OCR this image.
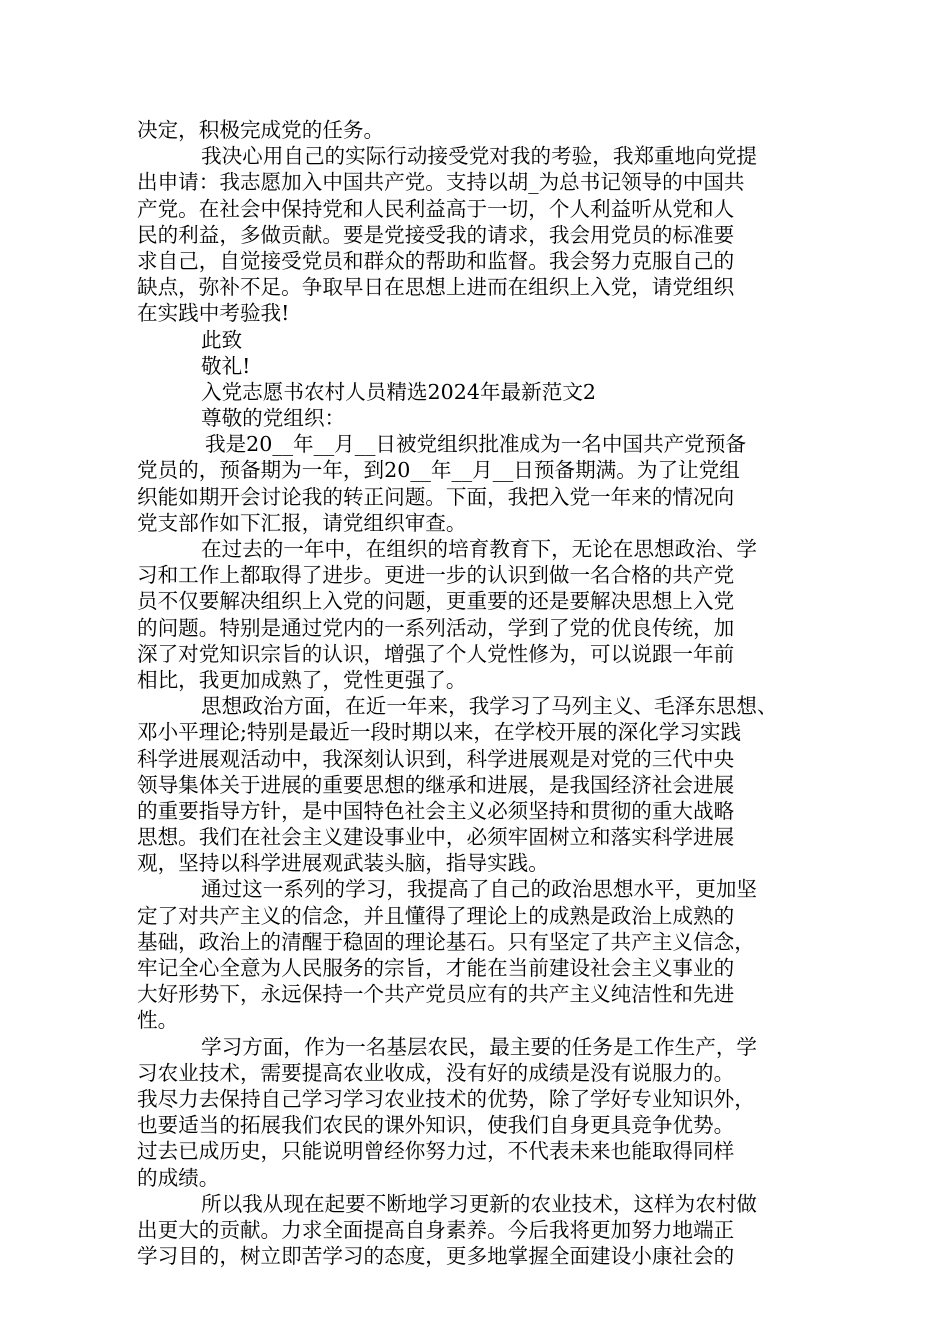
决定，积极完成党的任务。
我决心用自己的实际行动接受党对我的考验，我郑重地向党提
出申请：我志愿加入中国共产党。支持以胡_为总书记领导的中国共
产党。在社会中保持党和人民利益高于一切，个人利益听从党和人
民的利益，多做贡献。要是党接受我的请求，我会用党员的标准要
求自己，自觉接受党员和群众的帮助和监督。我会努力克服自己的
缺点，弥补不足。争取早日在思想上进而在组织上入党，请党组织
在实践中考验我!
此致
敬礼!
入党志愿书农村人员精选2024年最新范文2
尊敬的党组织：
我是20__年__月__日被党组织批准成为一名中国共产党预备
党员的，预备期为一年，到20__年__月__日预备期满。为了让党组
织能如期开会讨论我的转正问题。下面，我把入党一年来的情况向
党支部作如下汇报，请党组织审查。
在过去的一年中，在组织的培育教育下，无论在思想政治、学
习和工作上都取得了进步。更进一步的认识到做一名合格的共产党
员不仅要解决组织上入党的问题，更重要的还是要解决思想上入党
的问题。特别是通过党内的一系列活动，学到了党的优良传统，加
深了对党知识宗旨的认识，增强了个人党性修为，可以说跟一年前
相比，我更加成熟了，党性更强了。
思想政治方面，在近一年来，我学习了马列主义、毛泽东思想、
邓小平理论;特别是最近一段时期以来，在学校开展的深化学习实践
科学进展观活动中，我深刻认识到，科学进展观是对党的三代中央
领导集体关于进展的重要思想的继承和进展，是我国经济社会进展
的重要指导方针，是中国特色社会主义必须坚持和贯彻的重大战略
思想。我们在社会主义建设事业中，必须牢固树立和落实科学进展
观，坚持以科学进展观武装头脑，指导实践。
通过这一系列的学习，我提高了自己的政治思想水平，更加坚
定了对共产主义的信念，并且懂得了理论上的成熟是政治上成熟的
基础，政治上的清醒于稳固的理论基石。只有坚定了共产主义信念，
牢记全心全意为人民服务的宗旨，才能在当前建设社会主义事业的
大好形势下，永远保持一个共产党员应有的共产主义纯洁性和先进
性。
学习方面，作为一名基层农民，最主要的任务是工作生产，学
习农业技术，需要提高农业收成，没有好的成绩是没有说服力的。
我尽力去保持自己学习学习农业技术的优势，除了学好专业知识外，
也要适当的拓展我们农民的课外知识，使我们自身更具竞争优势。
过去已成历史，只能说明曾经你努力过，不代表未来也能取得同样
的成绩。
所以我从现在起要不断地学习更新的农业技术，这样为农村做
出更大的贡献。力求全面提高自身素养。今后我将更加努力地端正
学习目的，树立即苦学习的态度，更多地掌握全面建设小康社会的
